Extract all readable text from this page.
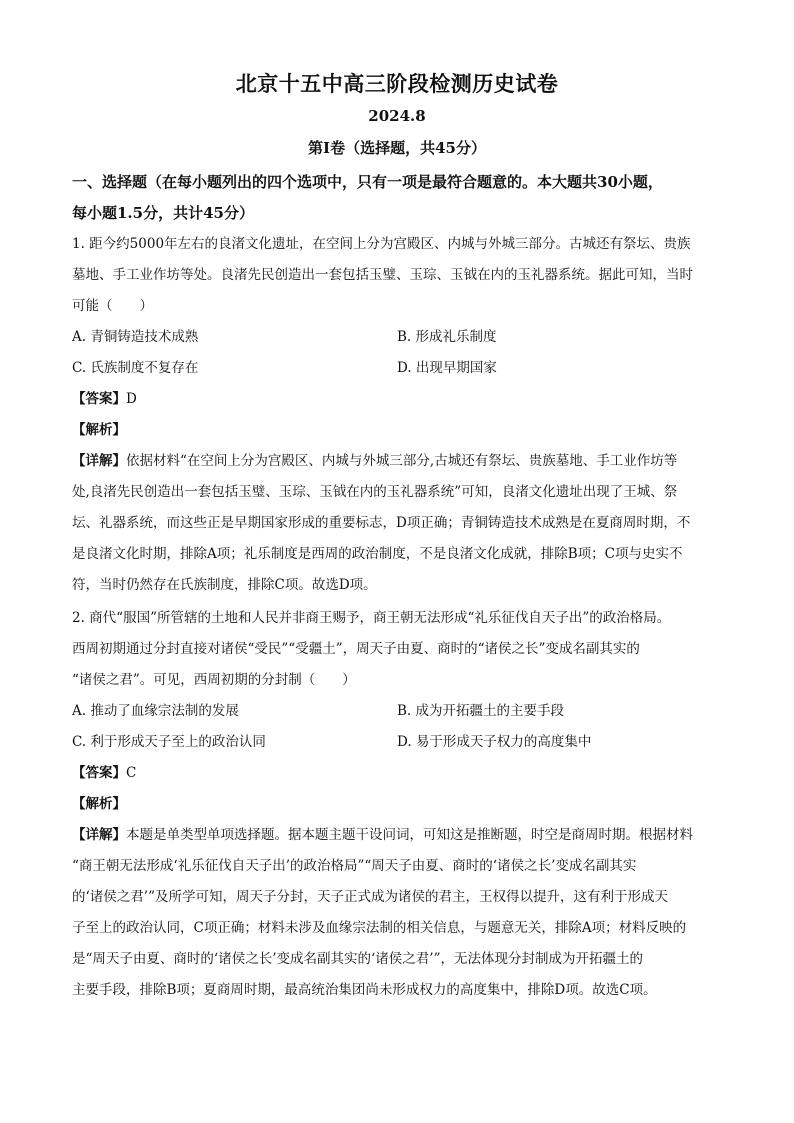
北京十五中高三阶段检测历史试卷
2024.8
第Ⅰ卷（选择题，共45分）
一、选择题（在每小题列出的四个选项中，只有一项是最符合题意的。本大题共30小题，
每小题1.5分，共计45分）
1. 距今约5000年左右的良渚文化遗址，在空间上分为宫殿区、内城与外城三部分。古城还有祭坛、贵族
墓地、手工业作坊等处。良渚先民创造出一套包括玉璧、玉琮、玉钺在内的玉礼器系统。据此可知，当时
可能（　　）
A. 青铜铸造技术成熟	B. 形成礼乐制度
C. 氏族制度不复存在	D. 出现早期国家
【答案】D
【解析】
【详解】依据材料“在空间上分为宫殿区、内城与外城三部分,古城还有祭坛、贵族墓地、手工业作坊等
处,良渚先民创造出一套包括玉璧、玉琮、玉钺在内的玉礼器系统”可知，良渚文化遗址出现了王城、祭
坛、礼器系统，而这些正是早期国家形成的重要标志，D项正确；青铜铸造技术成熟是在夏商周时期，不
是良渚文化时期，排除A项；礼乐制度是西周的政治制度，不是良渚文化成就，排除B项；C项与史实不
符，当时仍然存在氏族制度，排除C项。故选D项。
2. 商代“服国”所管辖的土地和人民并非商王赐予，商王朝无法形成“礼乐征伐自天子出”的政治格局。
西周初期通过分封直接对诸侯“受民”“受疆土”，周天子由夏、商时的“诸侯之长”变成名副其实的
“诸侯之君”。可见，西周初期的分封制（　　）
A. 推动了血缘宗法制的发展	B. 成为开拓疆土的主要手段
C. 利于形成天子至上的政治认同	D. 易于形成天子权力的高度集中
【答案】C
【解析】
【详解】本题是单类型单项选择题。据本题主题干设问词，可知这是推断题，时空是商周时期。根据材料
“商王朝无法形成‘礼乐征伐自天子出’的政治格局”“周天子由夏、商时的‘诸侯之长’变成名副其实
的‘诸侯之君’”及所学可知，周天子分封，天子正式成为诸侯的君主，王权得以提升，这有利于形成天
子至上的政治认同，C项正确；材料未涉及血缘宗法制的相关信息，与题意无关，排除A项；材料反映的
是“周天子由夏、商时的‘诸侯之长’变成名副其实的‘诸侯之君’”，无法体现分封制成为开拓疆土的
主要手段，排除B项；夏商周时期，最高统治集团尚未形成权力的高度集中，排除D项。故选C项。
